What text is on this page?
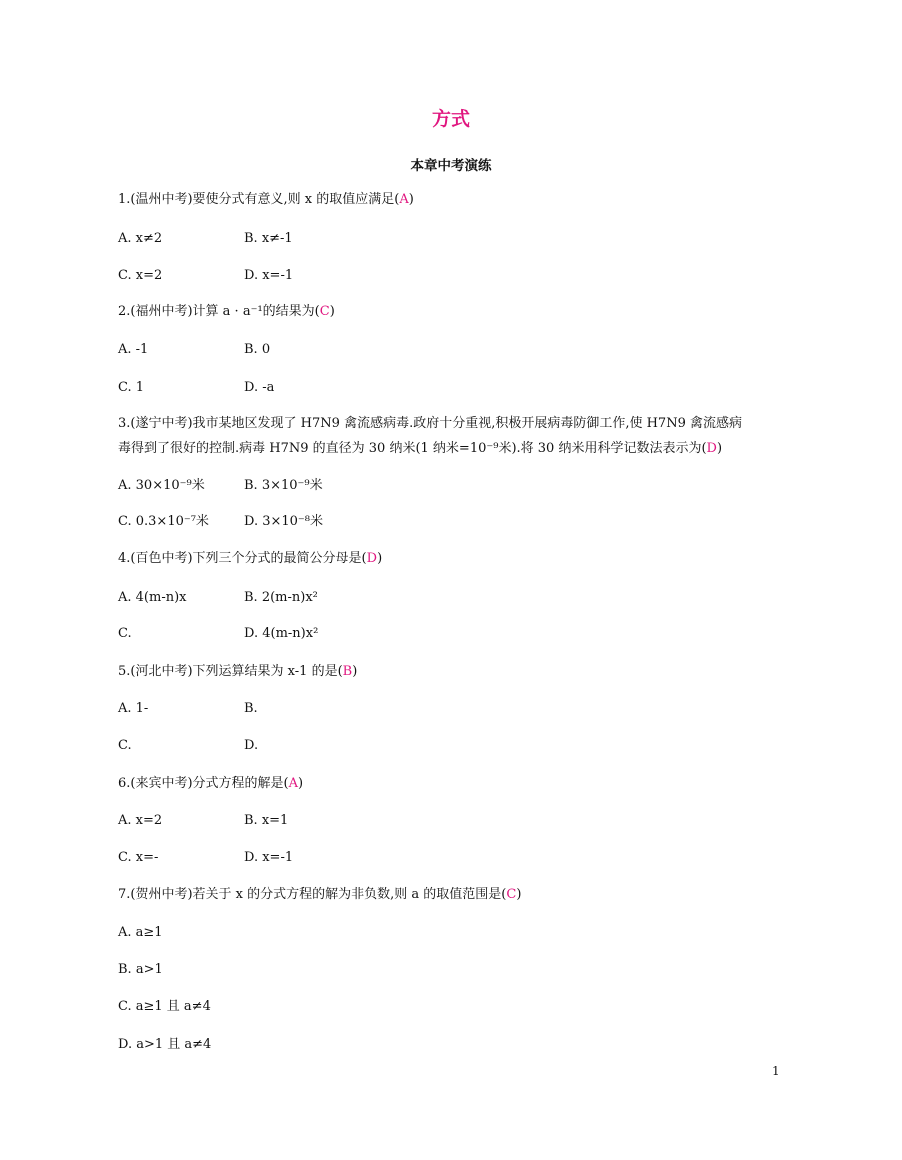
方式
本章中考演练
1.(温州中考)要使分式有意义,则 x 的取值应满足(A)
A. x≠2	B. x≠-1
C. x=2	D. x=-1
2.(福州中考)计算 a · a⁻¹的结果为(C)
A. -1	B. 0
C. 1	D. -a
3.(遂宁中考)我市某地区发现了 H7N9 禽流感病毒.政府十分重视,积极开展病毒防御工作,使 H7N9 禽流感病
毒得到了很好的控制.病毒 H7N9 的直径为 30 纳米(1 纳米=10⁻⁹米).将 30 纳米用科学记数法表示为(D)
A. 30×10⁻⁹米	B. 3×10⁻⁹米
C. 0.3×10⁻⁷米	D. 3×10⁻⁸米
4.(百色中考)下列三个分式的最简公分母是(D)
A. 4(m-n)x	B. 2(m-n)x²
C.	D. 4(m-n)x²
5.(河北中考)下列运算结果为 x-1 的是(B)
A. 1-	B.
C.	D.
6.(来宾中考)分式方程的解是(A)
A. x=2	B. x=1
C. x=-	D. x=-1
7.(贺州中考)若关于 x 的分式方程的解为非负数,则 a 的取值范围是(C)
A. a≥1
B. a>1
C. a≥1 且 a≠4
D. a>1 且 a≠4
1
